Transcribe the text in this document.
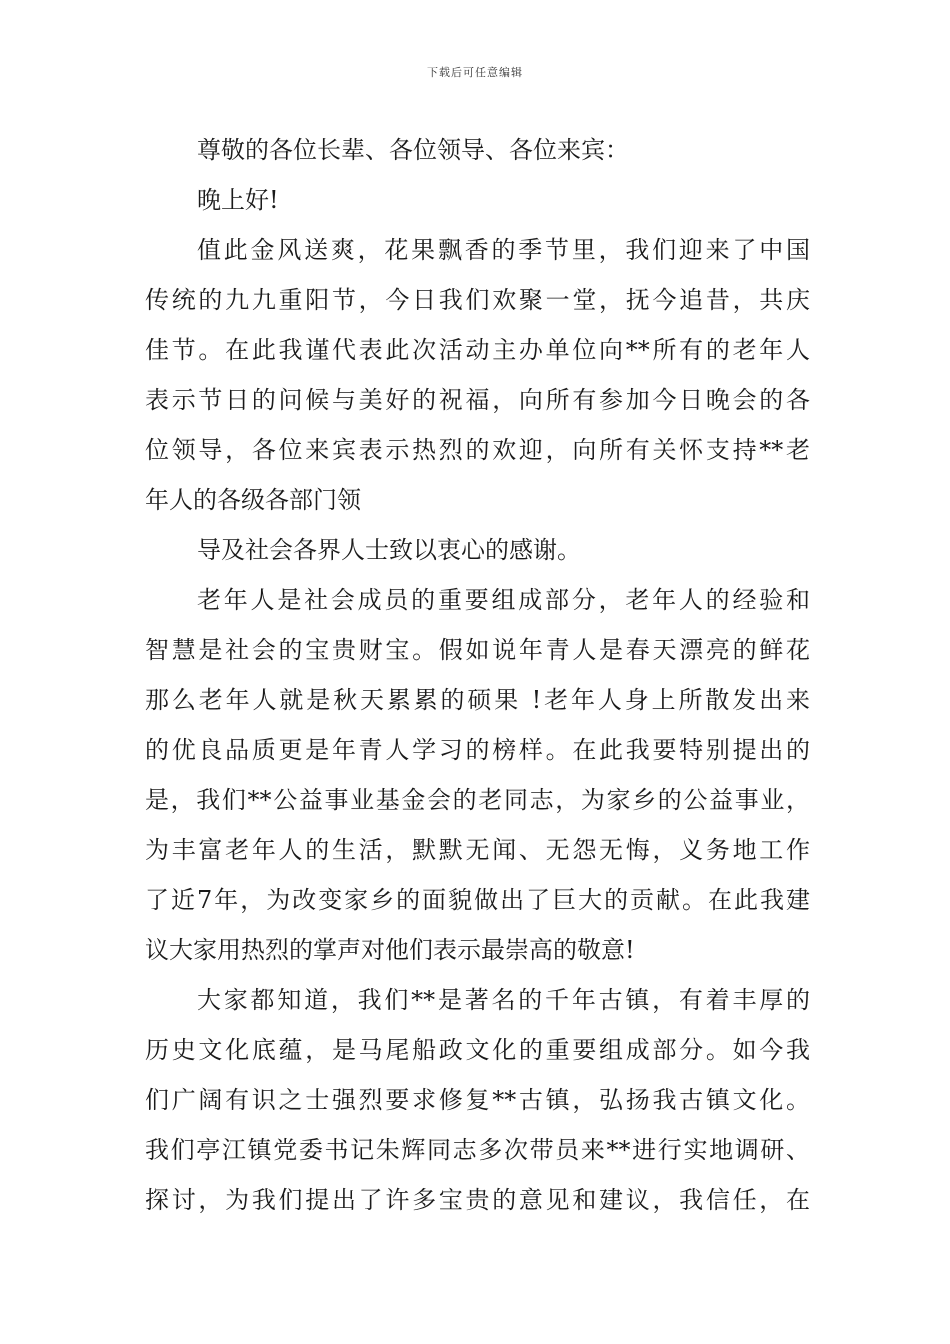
下载后可任意编辑
尊敬的各位长辈、各位领导、各位来宾：
晚上好!
值此金风送爽，花果飘香的季节里，我们迎来了中国
传统的九九重阳节，今日我们欢聚一堂，抚今追昔，共庆
佳节。在此我谨代表此次活动主办单位向**所有的老年人
表示节日的问候与美好的祝福，向所有参加今日晚会的各
位领导，各位来宾表示热烈的欢迎，向所有关怀支持**老
年人的各级各部门领
导及社会各界人士致以衷心的感谢。
老年人是社会成员的重要组成部分，老年人的经验和
智慧是社会的宝贵财宝。假如说年青人是春天漂亮的鲜花
那么老年人就是秋天累累的硕果 !老年人身上所散发出来
的优良品质更是年青人学习的榜样。在此我要特别提出的
是，我们**公益事业基金会的老同志，为家乡的公益事业，
为丰富老年人的生活，默默无闻、无怨无悔，义务地工作
了近7年，为改变家乡的面貌做出了巨大的贡献。在此我建
议大家用热烈的掌声对他们表示最崇高的敬意!
大家都知道，我们**是著名的千年古镇，有着丰厚的
历史文化底蕴，是马尾船政文化的重要组成部分。如今我
们广阔有识之士强烈要求修复**古镇，弘扬我古镇文化。
我们亭江镇党委书记朱辉同志多次带员来**进行实地调研、
探讨，为我们提出了许多宝贵的意见和建议，我信任，在
